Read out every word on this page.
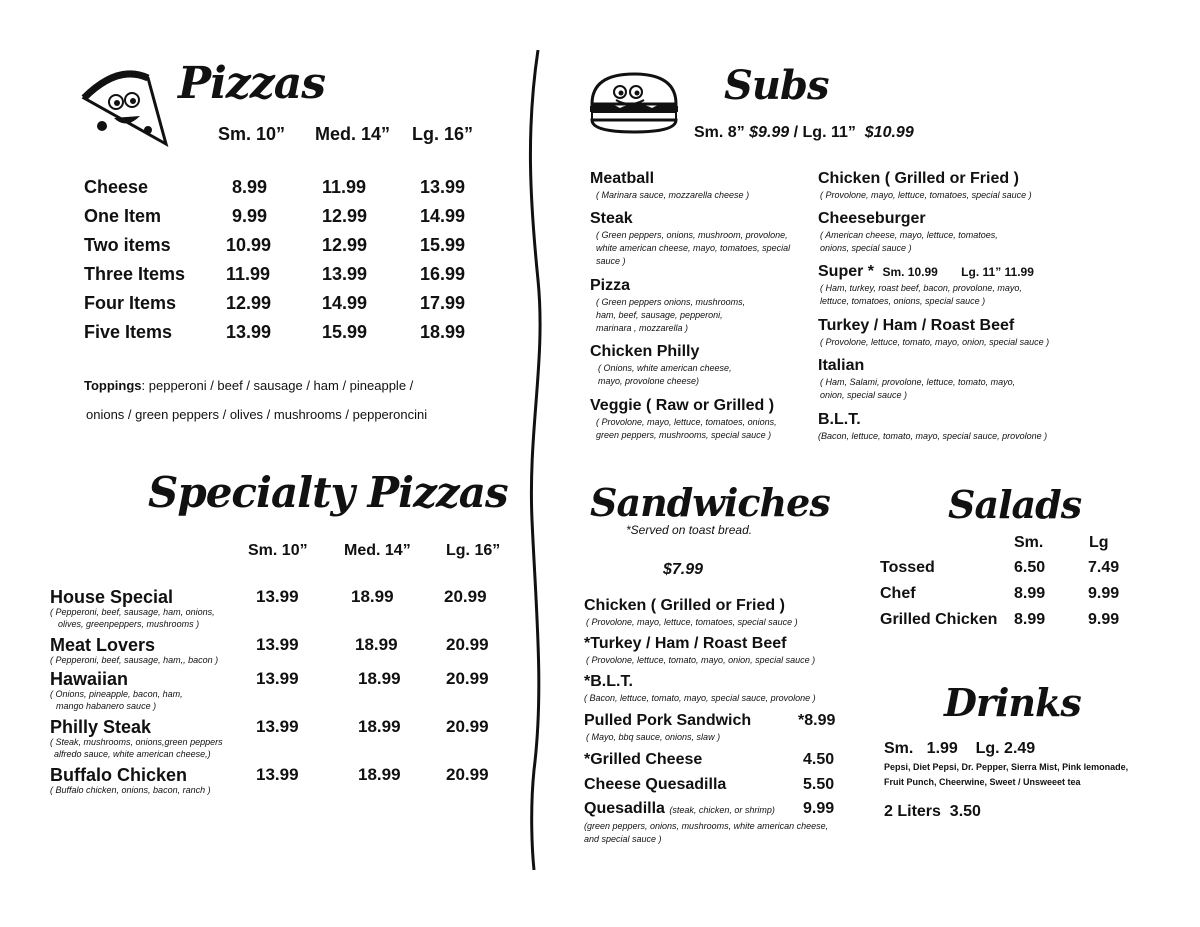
Pizzas
Sm. 10” Med. 14” Lg. 16”
Cheese	8.99	11.99	13.99
One Item	9.99	12.99	14.99
Two items	10.99	12.99	15.99
Three Items 11.99	13.99	16.99
Four Items	12.99	14.99	17.99
Five Items	13.99	15.99	18.99
Toppings: pepperoni / beef / sausage / ham / pineapple /
onions / green peppers / olives / mushrooms / pepperoncini
Specialty Pizzas
Sm. 10” Med. 14” Lg. 16”
House Special	13.99	18.99	20.99
( Pepperoni, beef, sausage, ham, onions,
olives, greenpeppers, mushrooms )
Meat Lovers	13.99	18.99	20.99
( Pepperoni, beef, sausage, ham,, bacon )
Hawaiian	13.99	18.99	20.99
( Onions, pineapple, bacon, ham,
mango habanero sauce )
Philly Steak	13.99	18.99	20.99
( Steak, mushrooms, onions,green peppers
alfredo sauce, white american cheese,)
Buffalo Chicken	13.99	18.99	20.99
( Buffalo chicken, onions, bacon, ranch )
Subs
Sm. 8” $9.99 / Lg. 11” $10.99
Meatball
( Marinara sauce, mozzarella cheese )
Steak
( Green peppers, onions, mushroom, provolone, white american cheese, mayo, tomatoes, special sauce )
Pizza
( Green peppers onions, mushrooms, ham, beef, sausage, pepperoni, marinara , mozzarella )
Chicken Philly
( Onions, white american cheese, mayo, provolone cheese)
Veggie ( Raw or Grilled )
( Provolone, mayo, lettuce, tomatoes, onions, green peppers, mushrooms, special sauce )
Chicken ( Grilled or Fried )
( Provolone, mayo, lettuce, tomatoes, special sauce )
Cheeseburger
( American cheese, mayo, lettuce, tomatoes, onions, special sauce )
Super * Sm. 10.99       Lg. 11” 11.99
( Ham, turkey, roast beef, bacon, provolone, mayo, lettuce, tomatoes, onions, special sauce )
Turkey / Ham / Roast Beef
( Provolone, lettuce, tomato, mayo, onion, special sauce )
Italian
( Ham, Salami, provolone, lettuce, tomato, mayo, onion, special sauce )
B.L.T.
(Bacon, lettuce, tomato, mayo, special sauce, provolone )
Sandwiches
*Served on toast bread.
$7.99
Chicken ( Grilled or Fried )
( Provolone, mayo, lettuce, tomatoes, special sauce )
*Turkey / Ham / Roast Beef
( Provolone, lettuce, tomato, mayo, onion, special sauce )
*B.L.T.
( Bacon, lettuce, tomato, mayo, special sauce, provolone )
Pulled Pork Sandwich	*8.99
( Mayo, bbq sauce, onions, slaw )
*Grilled Cheese	4.50
Cheese Quesadilla	5.50
Quesadilla (steak, chicken, or shrimp) 9.99
(green peppers, onions, mushrooms, white american cheese, and special sauce )
Salads
Sm.	Lg
Tossed	6.50	7.49
Chef	8.99	9.99
Grilled Chicken 8.99	9.99
Drinks
Sm.   1.99    Lg. 2.49
Pepsi, Diet Pepsi, Dr. Pepper, Sierra Mist, Pink lemonade,
Fruit Punch, Cheerwine, Sweet / Unsweeet tea
2 Liters  3.50
